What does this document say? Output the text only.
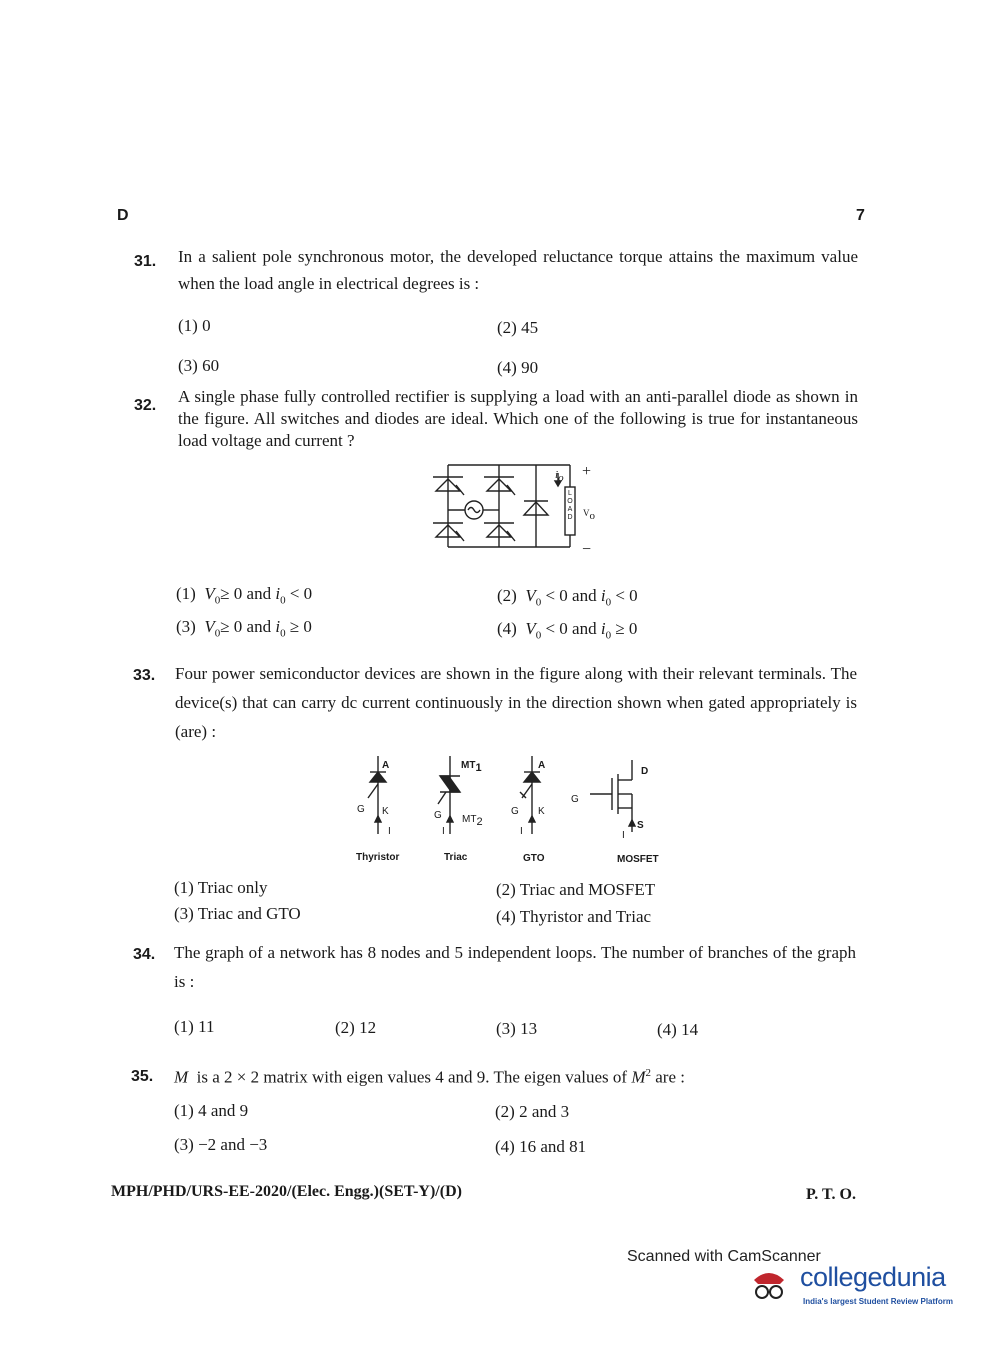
D	7
31. In a salient pole synchronous motor, the developed reluctance torque attains the maximum value when the load angle in electrical degrees is :
(1) 0	(2) 45
(3) 60	(4) 90
32. A single phase fully controlled rectifier is supplying a load with an anti-parallel diode as shown in the figure. All switches and diodes are ideal. Which one of the following is true for instantaneous load voltage and current ?
$i_o$ +
$V_o$
−
L
O
A
D
(1) $V_0\ge 0$ and $i_0 < 0$	(2) $V_0 < 0$ and $i_0 < 0$
(3) $V_0\ge 0$ and $i_0 \ge 0$	(4) $V_0 < 0$ and $i_0 \ge 0$
33. Four power semiconductor devices are shown in the figure along with their relevant terminals. The device(s) that can carry dc current continuously in the direction shown when gated appropriately is (are) :
A
G K
I
$MT_1$
G $MT_2$
I
A
G K
I
D
G
S
I
Thyristor	Triac	GTO	MOSFET
(1) Triac only	(2) Triac and MOSFET
(3) Triac and GTO	(4) Thyristor and Triac
34. The graph of a network has 8 nodes and 5 independent loops. The number of branches of the graph is :
(1) 11	(2) 12	(3) 13	(4) 14
35. M is a 2 × 2 matrix with eigen values 4 and 9. The eigen values of $M^2$ are :
(1) 4 and 9	(2) 2 and 3
(3) −2 and −3	(4) 16 and 81
MPH/PHD/URS-EE-2020/(Elec. Engg.)(SET-Y)/(D)	P. T. O.
Scanned with CamScanner
collegedunia
India's largest Student Review Platform
